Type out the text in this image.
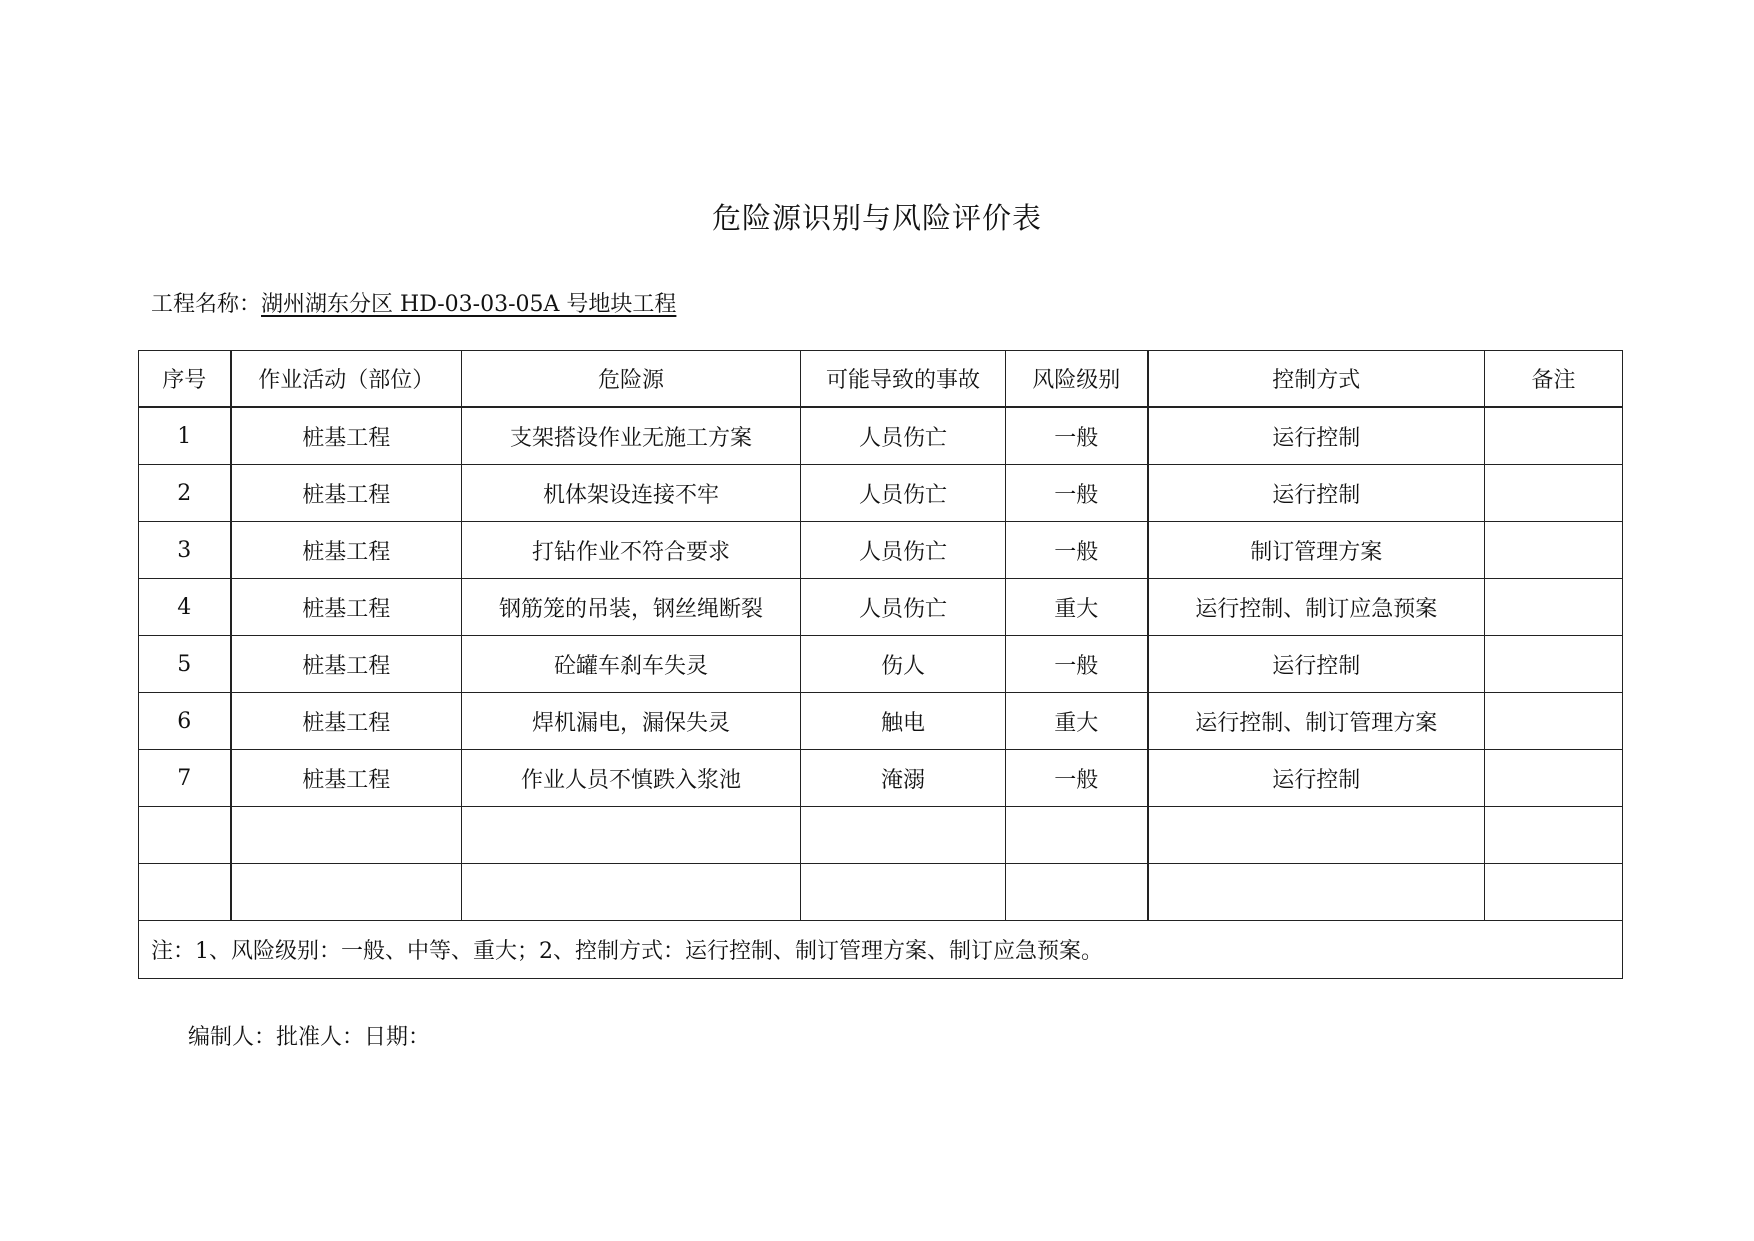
危险源识别与风险评价表
工程名称：湖州湖东分区 HD-03-03-05A 号地块工程
序号	作业活动（部位）	危险源	可能导致的事故	风险级别	控制方式	备注
1	桩基工程	支架搭设作业无施工方案	人员伤亡	一般	运行控制	
2	桩基工程	机体架设连接不牢	人员伤亡	一般	运行控制	
3	桩基工程	打钻作业不符合要求	人员伤亡	一般	制订管理方案	
4	桩基工程	钢筋笼的吊装，钢丝绳断裂	人员伤亡	重大	运行控制、制订应急预案	
5	桩基工程	砼罐车刹车失灵	伤人	一般	运行控制	
6	桩基工程	焊机漏电，漏保失灵	触电	重大	运行控制、制订管理方案	
7	桩基工程	作业人员不慎跌入浆池	淹溺	一般	运行控制	

注：1、风险级别：一般、中等、重大；2、控制方式：运行控制、制订管理方案、制订应急预案。						
编制人：批准人：日期：
